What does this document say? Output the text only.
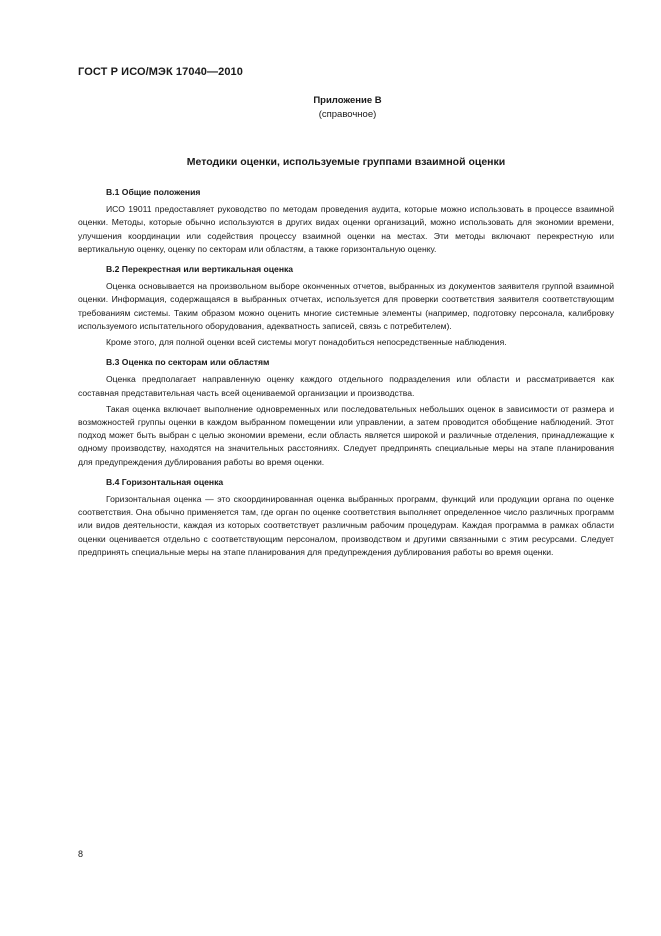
ГОСТ Р ИСО/МЭК 17040—2010
Приложение В
(справочное)
Методики оценки, используемые группами взаимной оценки
В.1 Общие положения
ИСО 19011 предоставляет руководство по методам проведения аудита, которые можно использовать в процессе взаимной оценки. Методы, которые обычно используются в других видах оценки организаций, можно использовать для экономии времени, улучшения координации или содействия процессу взаимной оценки на местах. Эти методы включают перекрестную или вертикальную оценку, оценку по секторам или областям, а также горизонтальную оценку.
В.2 Перекрестная или вертикальная оценка
Оценка основывается на произвольном выборе оконченных отчетов, выбранных из документов заявителя группой взаимной оценки. Информация, содержащаяся в выбранных отчетах, используется для проверки соответствия заявителя соответствующим требованиям системы. Таким образом можно оценить многие системные элементы (например, подготовку персонала, калибровку используемого испытательного оборудования, адекватность записей, связь с потребителем).
Кроме этого, для полной оценки всей системы могут понадобиться непосредственные наблюдения.
В.3 Оценка по секторам или областям
Оценка предполагает направленную оценку каждого отдельного подразделения или области и рассматривается как составная представительная часть всей оцениваемой организации и производства.
Такая оценка включает выполнение одновременных или последовательных небольших оценок в зависимости от размера и возможностей группы оценки в каждом выбранном помещении или управлении, а затем проводится обобщение наблюдений. Этот подход может быть выбран с целью экономии времени, если область является широкой и различные отделения, принадлежащие к одному производству, находятся на значительных расстояниях. Следует предпринять специальные меры на этапе планирования для предупреждения дублирования работы во время оценки.
В.4 Горизонтальная оценка
Горизонтальная оценка — это скоординированная оценка выбранных программ, функций или продукции органа по оценке соответствия. Она обычно применяется там, где орган по оценке соответствия выполняет определенное число различных программ или видов деятельности, каждая из которых соответствует различным рабочим процедурам. Каждая программа в рамках области оценки оценивается отдельно с соответствующим персоналом, производством и другими связанными с этим ресурсами. Следует предпринять специальные меры на этапе планирования для предупреждения дублирования работы во время оценки.
8
